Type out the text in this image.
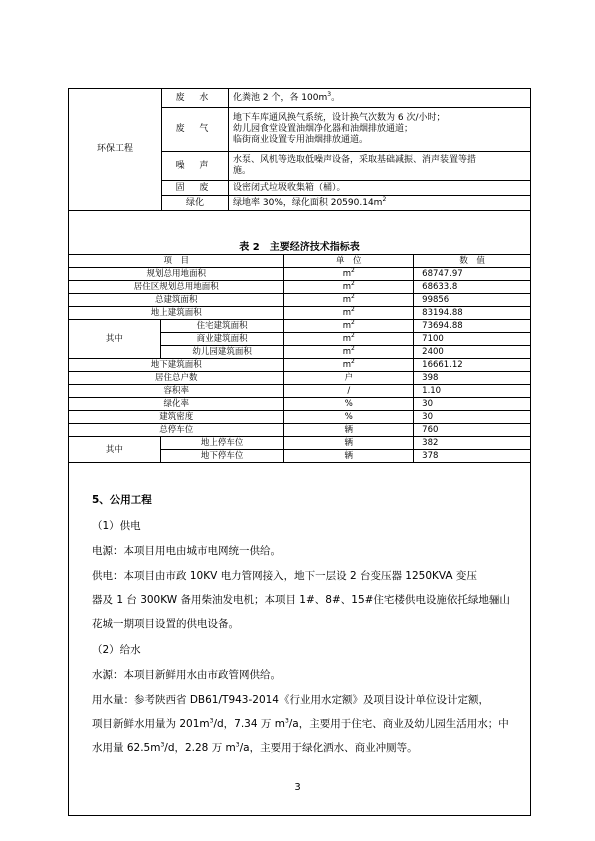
环保工程	废 水	化粪池 2 个，各 $100m^3$。
	废 气	地下车库通风换气系统，设计换气次数为 6 次/小时；
幼儿园食堂设置油烟净化器和油烟排放通道；
临街商业设置专用油烟排放通道。

	噪 声	水泵、风机等选取低噪声设备，采取基础减振、消声装置等措
施。

	固 废	设密闭式垃圾收集箱（桶）。
	绿化	绿地率 30%，绿化面积 $20590.14m^2$
表 2　主要经济技术指标表
项　目		单　位	数　值
规划总用地面积		$m^2$	68747.97
居住区规划总用地面积		$m^2$	68633.8
总建筑面积		$m^2$	99856
地上建筑面积		$m^2$	83194.88
其中	住宅建筑面积	$m^2$	73694.88
	商业建筑面积	$m^2$	7100
	幼儿园建筑面积	$m^2$	2400
地下建筑面积		$m^2$	16661.12
居住总户数		户	398
容积率		/	1.10
绿化率		%	30
建筑密度		%	30
总停车位		辆	760
其中	地上停车位	辆	382
	地下停车位	辆	378
5、公用工程
（1）供电
电源：本项目用电由城市电网统一供给。
供电：本项目由市政 10KV 电力管网接入，地下一层设 2 台变压器 1250KVA 变压
器及 1 台 300KW 备用柴油发电机；本项目 1#、8#、15#住宅楼供电设施依托绿地骊山
花城一期项目设置的供电设备。
（2）给水
水源：本项目新鲜用水由市政管网供给。
用水量：参考陕西省 DB61/T943-2014《行业用水定额》及项目设计单位设计定额，
项目新鲜水用量为 $201m^3/d$，7.34 万 $m^3/a$，主要用于住宅、商业及幼儿园生活用水；中
水用量 $62.5m^3/d$，2.28 万 $m^3/a$，主要用于绿化洒水、商业冲厕等。
3
